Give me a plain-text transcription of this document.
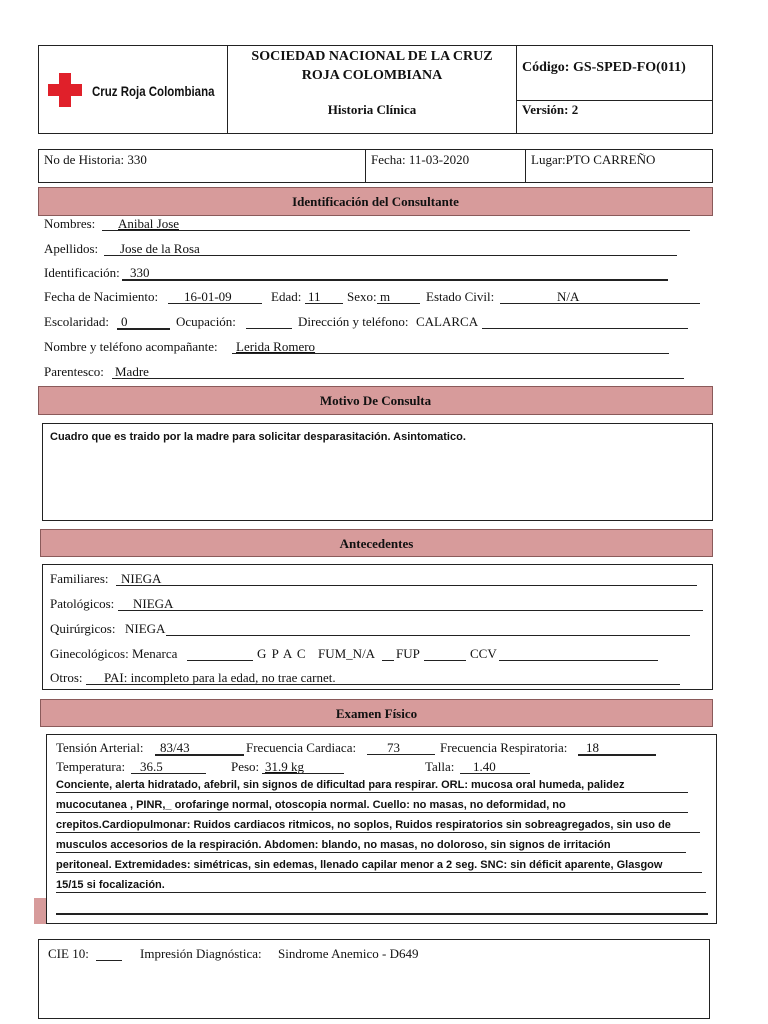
Cruz Roja Colombiana
SOCIEDAD NACIONAL DE LA CRUZ
ROJA COLOMBIANA
Historia Clínica
Código: GS-SPED-FO(011)
Versión: 2
No de Historia: 330	Fecha: 11-03-2020	Lugar:PTO CARREÑO
Identificación del Consultante
Nombres: Anibal Jose
Apellidos: Jose de la Rosa
Identificación: 330
Fecha de Nacimiento: 16-01-09	Edad: 11 Sexo: m	Estado Civil:	N/A
Escolaridad: 0	Ocupación:	Dirección y teléfono: CALARCA
Nombre y teléfono acompañante: Lerida Romero
Parentesco: Madre
Motivo De Consulta
Cuadro que es traido por la madre para solicitar desparasitación. Asintomatico.
Antecedentes
Familiares: NIEGA
Patológicos: NIEGA
Quirúrgicos: NIEGA
Ginecológicos: Menarca	G P A C FUM_N/A FUP	CCV
Otros: PAI: incompleto para la edad, no trae carnet.
Examen Físico
Tensión Arterial: 83/43	Frecuencia Cardiaca: 73	Frecuencia Respiratoria: 18
Temperatura: 36.5	Peso: 31.9 kg	Talla: 1.40
Conciente, alerta hidratado, afebril, sin signos de dificultad para respirar. ORL: mucosa oral humeda, palidez
mucocutanea , PINR,_ orofaringe normal, otoscopia normal. Cuello: no masas, no deformidad, no
crepitos.Cardiopulmonar: Ruidos cardiacos ritmicos, no soplos, Ruidos respiratorios sin sobreagregados, sin uso de
musculos accesorios de la respiración. Abdomen: blando, no masas, no doloroso, sin signos de irritación
peritoneal. Extremidades: simétricas, sin edemas, llenado capilar menor a 2 seg. SNC: sin déficit aparente, Glasgow
15/15 si focalización.
CIE 10:	Impresión Diagnóstica: Sindrome Anemico - D649
